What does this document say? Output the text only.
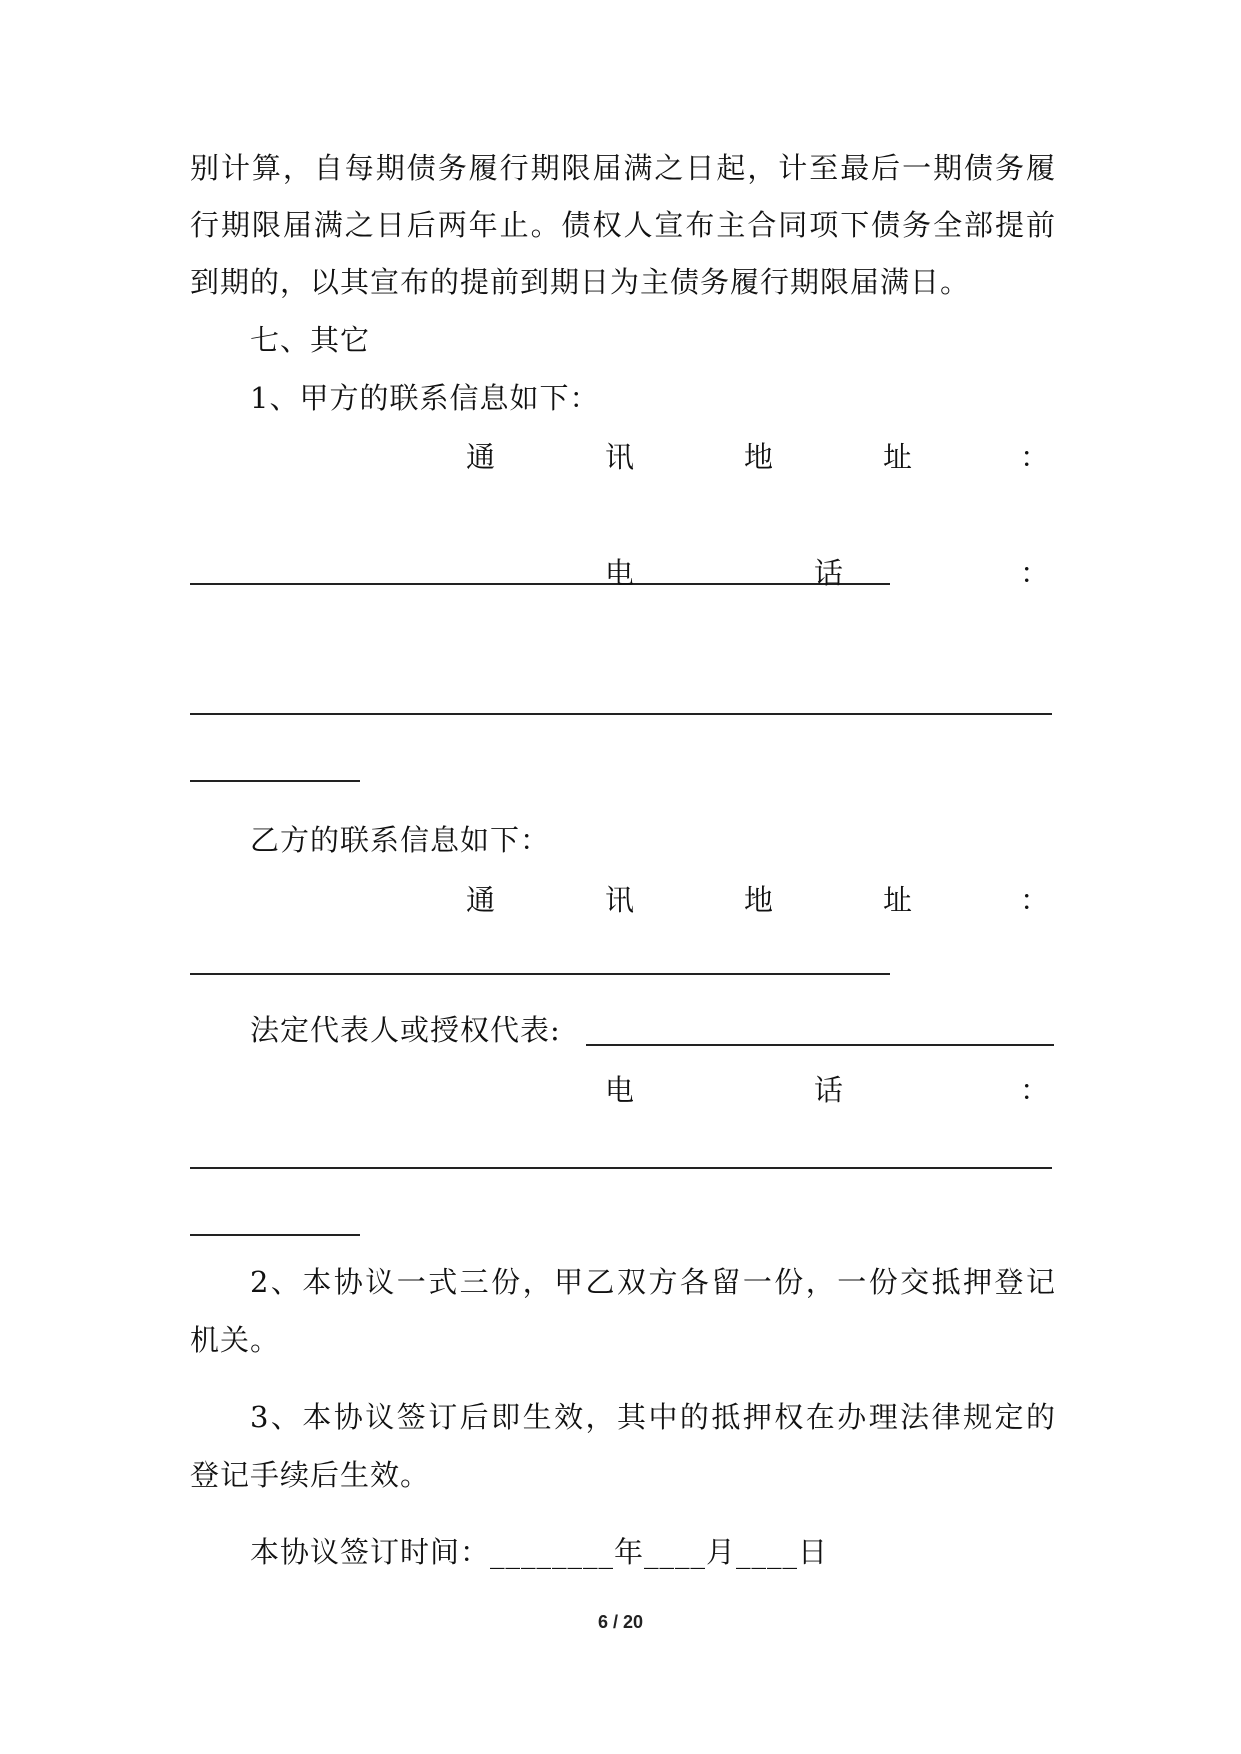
别计算，自每期债务履行期限届满之日起，计至最后一期债务履
行期限届满之日后两年止。债权人宣布主合同项下债务全部提前
到期的，以其宣布的提前到期日为主债务履行期限届满日。
七、其它
1、甲方的联系信息如下：
通	讯	地	址	：
电	话	：
乙方的联系信息如下：
通	讯	地	址	：
法定代表人或授权代表:
电	话	：
2、本协议一式三份，甲乙双方各留一份，一份交抵押登记
机关。
3、本协议签订后即生效，其中的抵押权在办理法律规定的
登记手续后生效。
本协议签订时间：________年____月____日
6 / 20
